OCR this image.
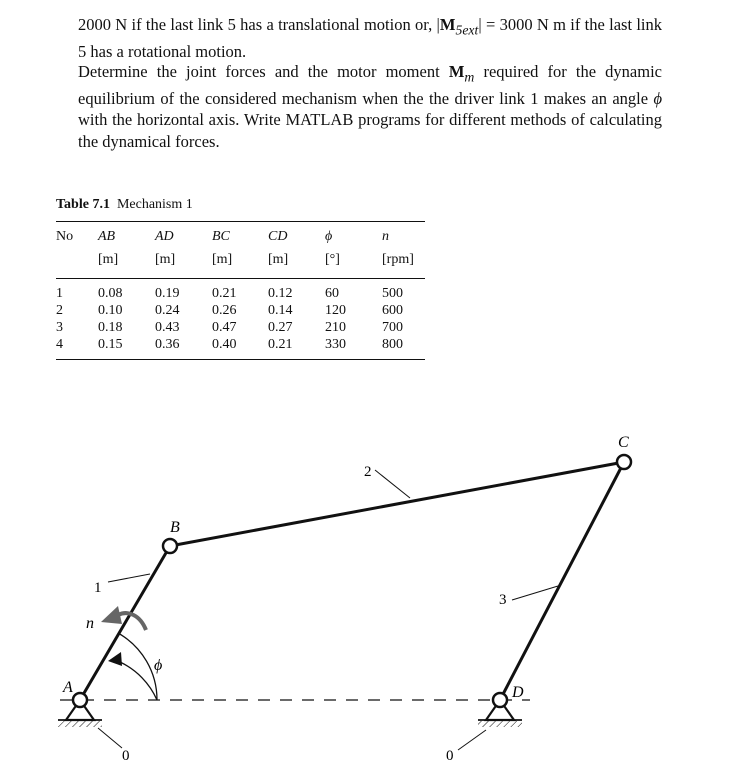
2000 N if the last link 5 has a translational motion or, $|M_{5ext}| = 3000$ N m if the last link 5 has a rotational motion.

Determine the joint forces and the motor moment $M_m$ required for the dynamic equilibrium of the considered mechanism when the the driver link 1 makes an angle ϕ with the horizontal axis. Write MATLAB programs for different methods of calculating the dynamical forces.

Table 7.1 Mechanism 1
No	AB	AD	BC	CD	ϕ	n
	[m]	[m]	[m]	[m]	[°]	[rpm]
1	0.08	0.19	0.21	0.12	60	500
2	0.10	0.24	0.26	0.14	120	600
3	0.18	0.43	0.47	0.27	210	700
4	0.15	0.36	0.40	0.21	330	800
A
B
C
D
1
2
3
0	0
n
ϕ
